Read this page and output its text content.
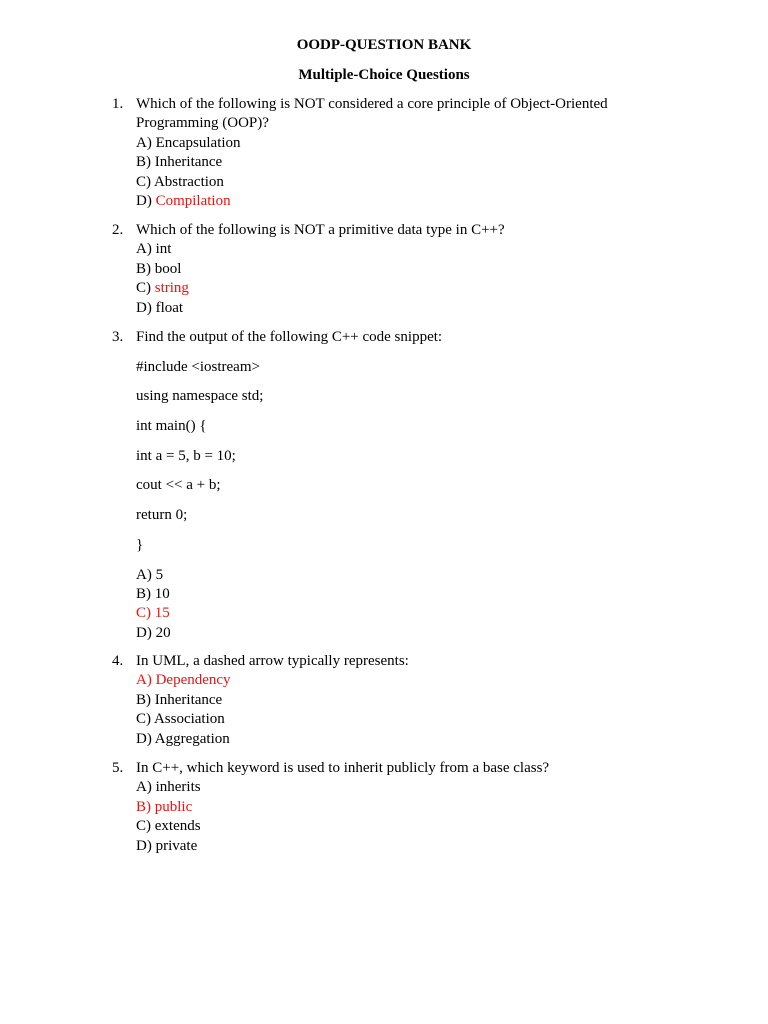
OODP-QUESTION BANK
Multiple-Choice Questions
1. Which of the following is NOT considered a core principle of Object-Oriented Programming (OOP)?
A) Encapsulation
B) Inheritance
C) Abstraction
D) Compilation
2. Which of the following is NOT a primitive data type in C++?
A) int
B) bool
C) string
D) float
3. Find the output of the following C++ code snippet:
#include <iostream>
using namespace std;
int main() {
int a = 5, b = 10;
cout << a + b;
return 0;
}
A) 5
B) 10
C) 15
D) 20
4. In UML, a dashed arrow typically represents:
A) Dependency
B) Inheritance
C) Association
D) Aggregation
5. In C++, which keyword is used to inherit publicly from a base class?
A) inherits
B) public
C) extends
D) private
